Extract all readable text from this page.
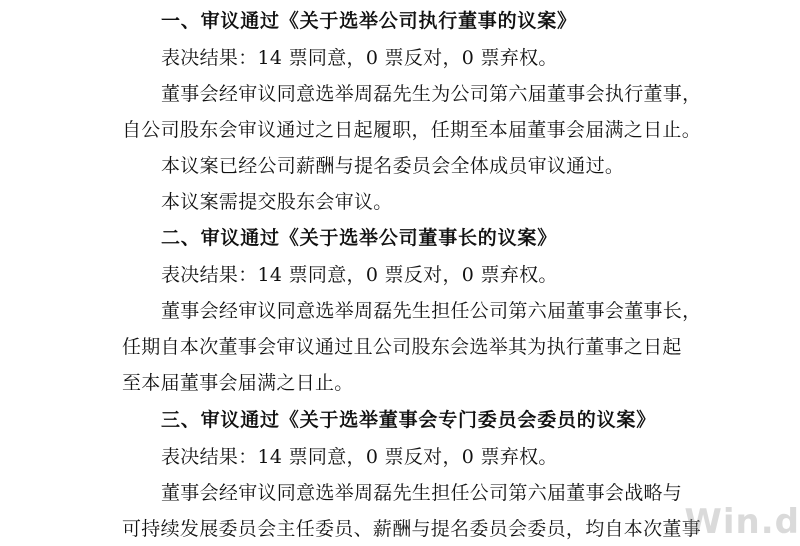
一、审议通过《关于选举公司执行董事的议案》
表决结果：14 票同意，0 票反对，0 票弃权。
董事会经审议同意选举周磊先生为公司第六届董事会执行董事，
自公司股东会审议通过之日起履职，任期至本届董事会届满之日止。
本议案已经公司薪酬与提名委员会全体成员审议通过。
本议案需提交股东会审议。
二、审议通过《关于选举公司董事长的议案》
表决结果：14 票同意，0 票反对，0 票弃权。
董事会经审议同意选举周磊先生担任公司第六届董事会董事长，
任期自本次董事会审议通过且公司股东会选举其为执行董事之日起
至本届董事会届满之日止。
三、审议通过《关于选举董事会专门委员会委员的议案》
表决结果：14 票同意，0 票反对，0 票弃权。
董事会经审议同意选举周磊先生担任公司第六届董事会战略与
可持续发展委员会主任委员、薪酬与提名委员会委员，均自本次董事
Win.d
